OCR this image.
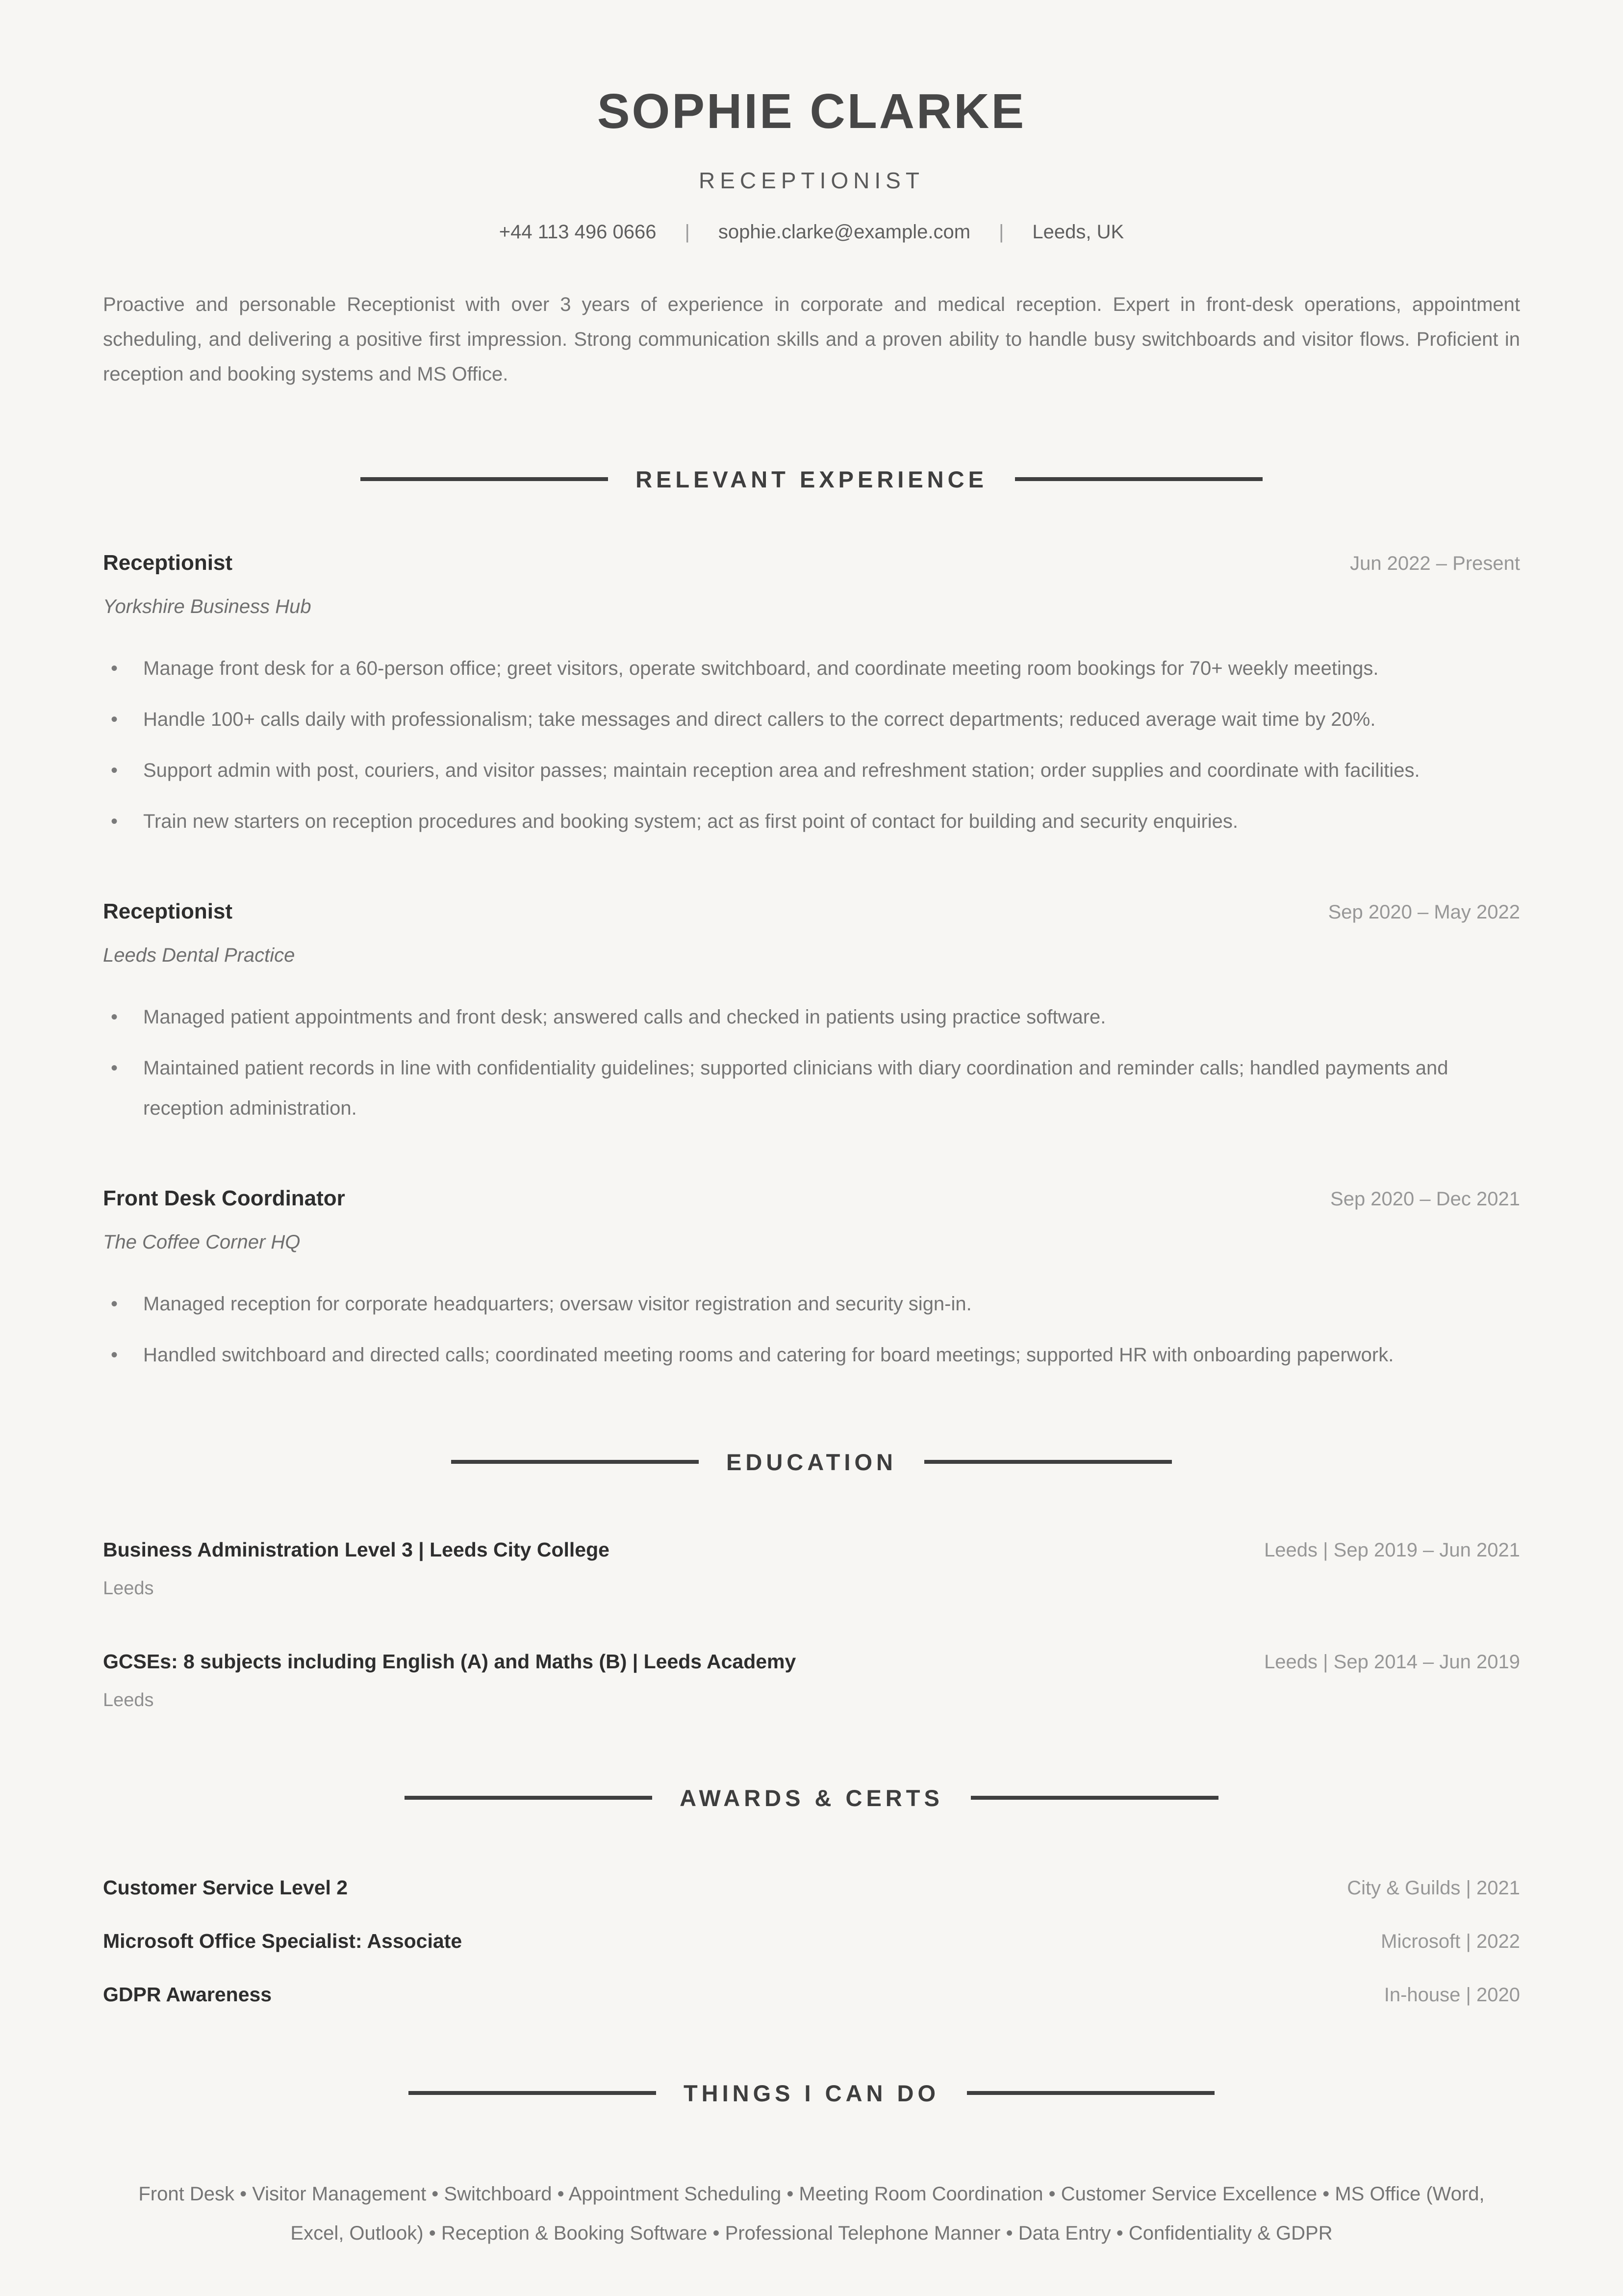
SOPHIE CLARKE
RECEPTIONIST
+44 113 496 0666 | sophie.clarke@example.com | Leeds, UK

Proactive and personable Receptionist with over 3 years of experience in corporate and medical reception. Expert in front-desk operations, appointment scheduling, and delivering a positive first impression. Strong communication skills and a proven ability to handle busy switchboards and visitor flows. Proficient in reception and booking systems and MS Office.

RELEVANT EXPERIENCE
Receptionist	Jun 2022 – Present
Yorkshire Business Hub
• Manage front desk for a 60-person office; greet visitors, operate switchboard, and coordinate meeting room bookings for 70+ weekly meetings.
• Handle 100+ calls daily with professionalism; take messages and direct callers to the correct departments; reduced average wait time by 20%.
• Support admin with post, couriers, and visitor passes; maintain reception area and refreshment station; order supplies and coordinate with facilities.
• Train new starters on reception procedures and booking system; act as first point of contact for building and security enquiries.
Receptionist	Sep 2020 – May 2022
Leeds Dental Practice
• Managed patient appointments and front desk; answered calls and checked in patients using practice software.
• Maintained patient records in line with confidentiality guidelines; supported clinicians with diary coordination and reminder calls; handled payments and reception administration.
Front Desk Coordinator	Sep 2020 – Dec 2021
The Coffee Corner HQ
• Managed reception for corporate headquarters; oversaw visitor registration and security sign-in.
• Handled switchboard and directed calls; coordinated meeting rooms and catering for board meetings; supported HR with onboarding paperwork.
EDUCATION
Business Administration Level 3 | Leeds City College	Leeds | Sep 2019 – Jun 2021
Leeds
GCSEs: 8 subjects including English (A) and Maths (B) | Leeds Academy	Leeds | Sep 2014 – Jun 2019
Leeds
AWARDS & CERTS
Customer Service Level 2	City & Guilds | 2021
Microsoft Office Specialist: Associate	Microsoft | 2022
GDPR Awareness	In-house | 2020
THINGS I CAN DO

Front Desk • Visitor Management • Switchboard • Appointment Scheduling • Meeting Room Coordination • Customer Service Excellence • MS Office (Word, Excel, Outlook) • Reception & Booking Software • Professional Telephone Manner • Data Entry • Confidentiality & GDPR
